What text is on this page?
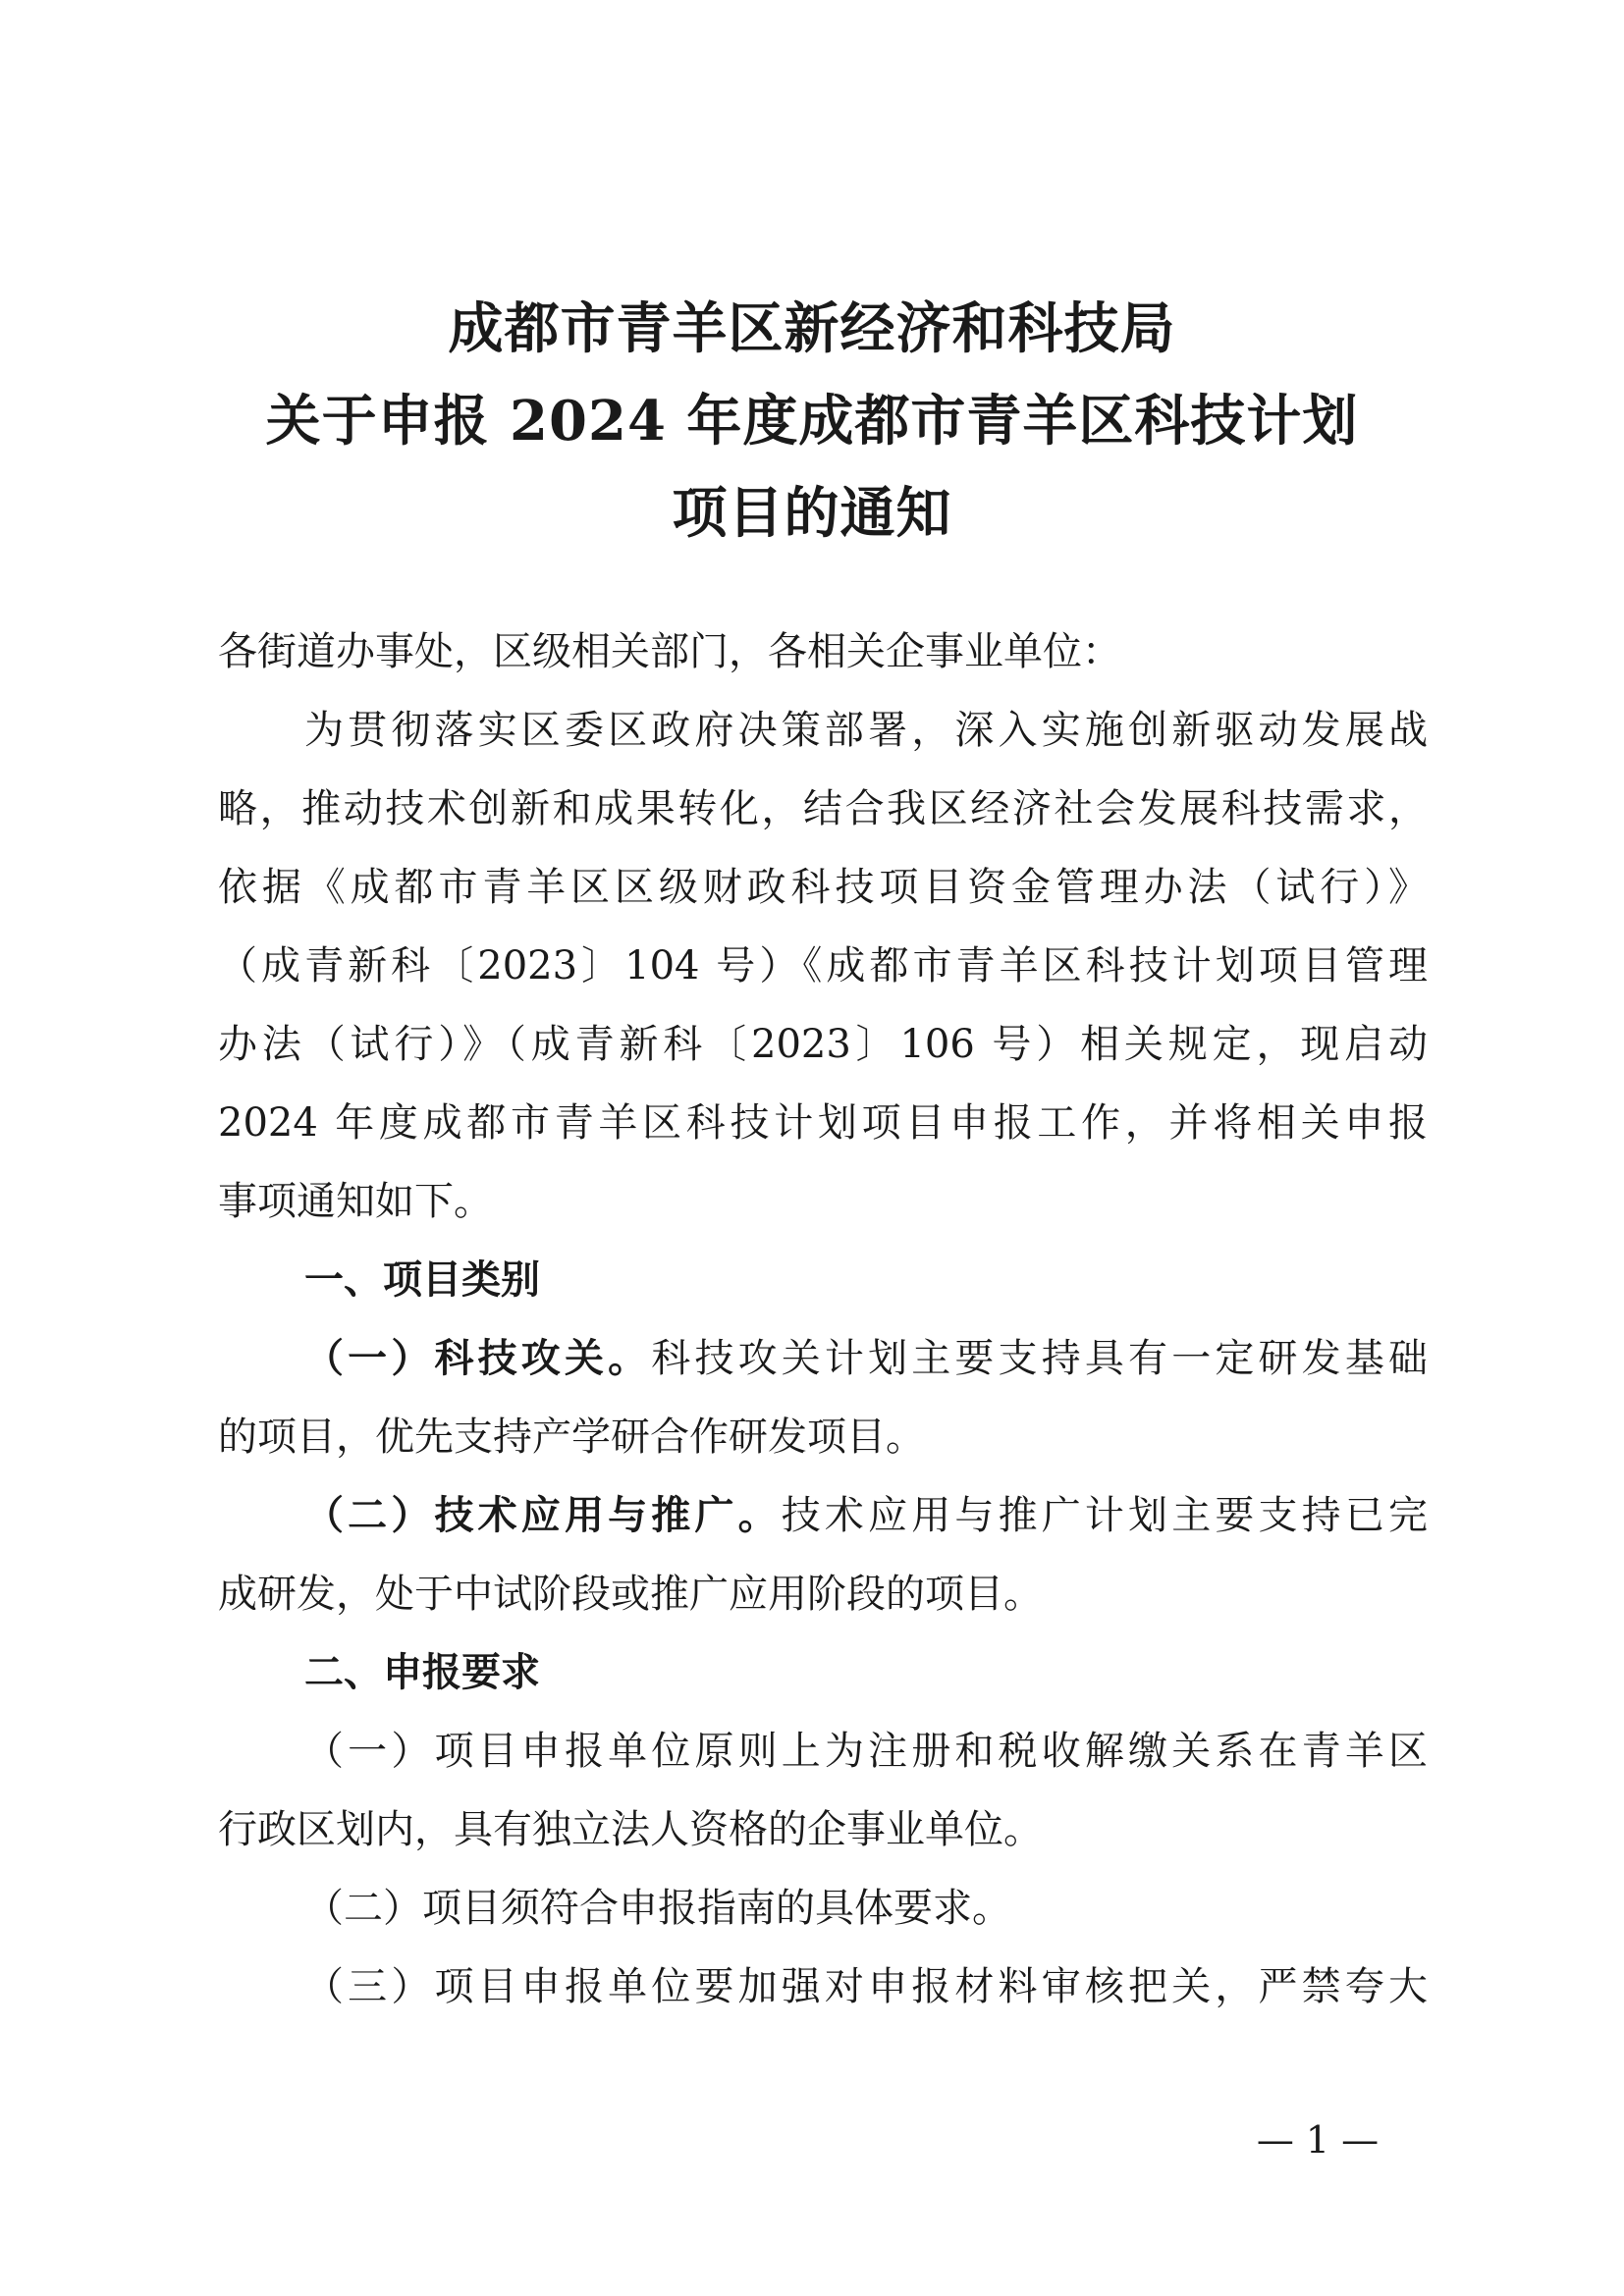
成都市青羊区新经济和科技局
关于申报 2024 年度成都市青羊区科技计划
项目的通知
各街道办事处，区级相关部门，各相关企事业单位：
为贯彻落实区委区政府决策部署，深入实施创新驱动发展战
略，推动技术创新和成果转化，结合我区经济社会发展科技需求，
依据《成都市青羊区区级财政科技项目资金管理办法（试行）》
（成青新科〔2023〕104 号）《成都市青羊区科技计划项目管理
办法（试行）》（成青新科〔2023〕106 号）相关规定，现启动
2024 年度成都市青羊区科技计划项目申报工作，并将相关申报
事项通知如下。
一、项目类别
（一）科技攻关。科技攻关计划主要支持具有一定研发基础
的项目，优先支持产学研合作研发项目。
（二）技术应用与推广。技术应用与推广计划主要支持已完
成研发，处于中试阶段或推广应用阶段的项目。
二、申报要求
（一）项目申报单位原则上为注册和税收解缴关系在青羊区
行政区划内，具有独立法人资格的企事业单位。
（二）项目须符合申报指南的具体要求。
（三）项目申报单位要加强对申报材料审核把关，严禁夸大
— 1 —
